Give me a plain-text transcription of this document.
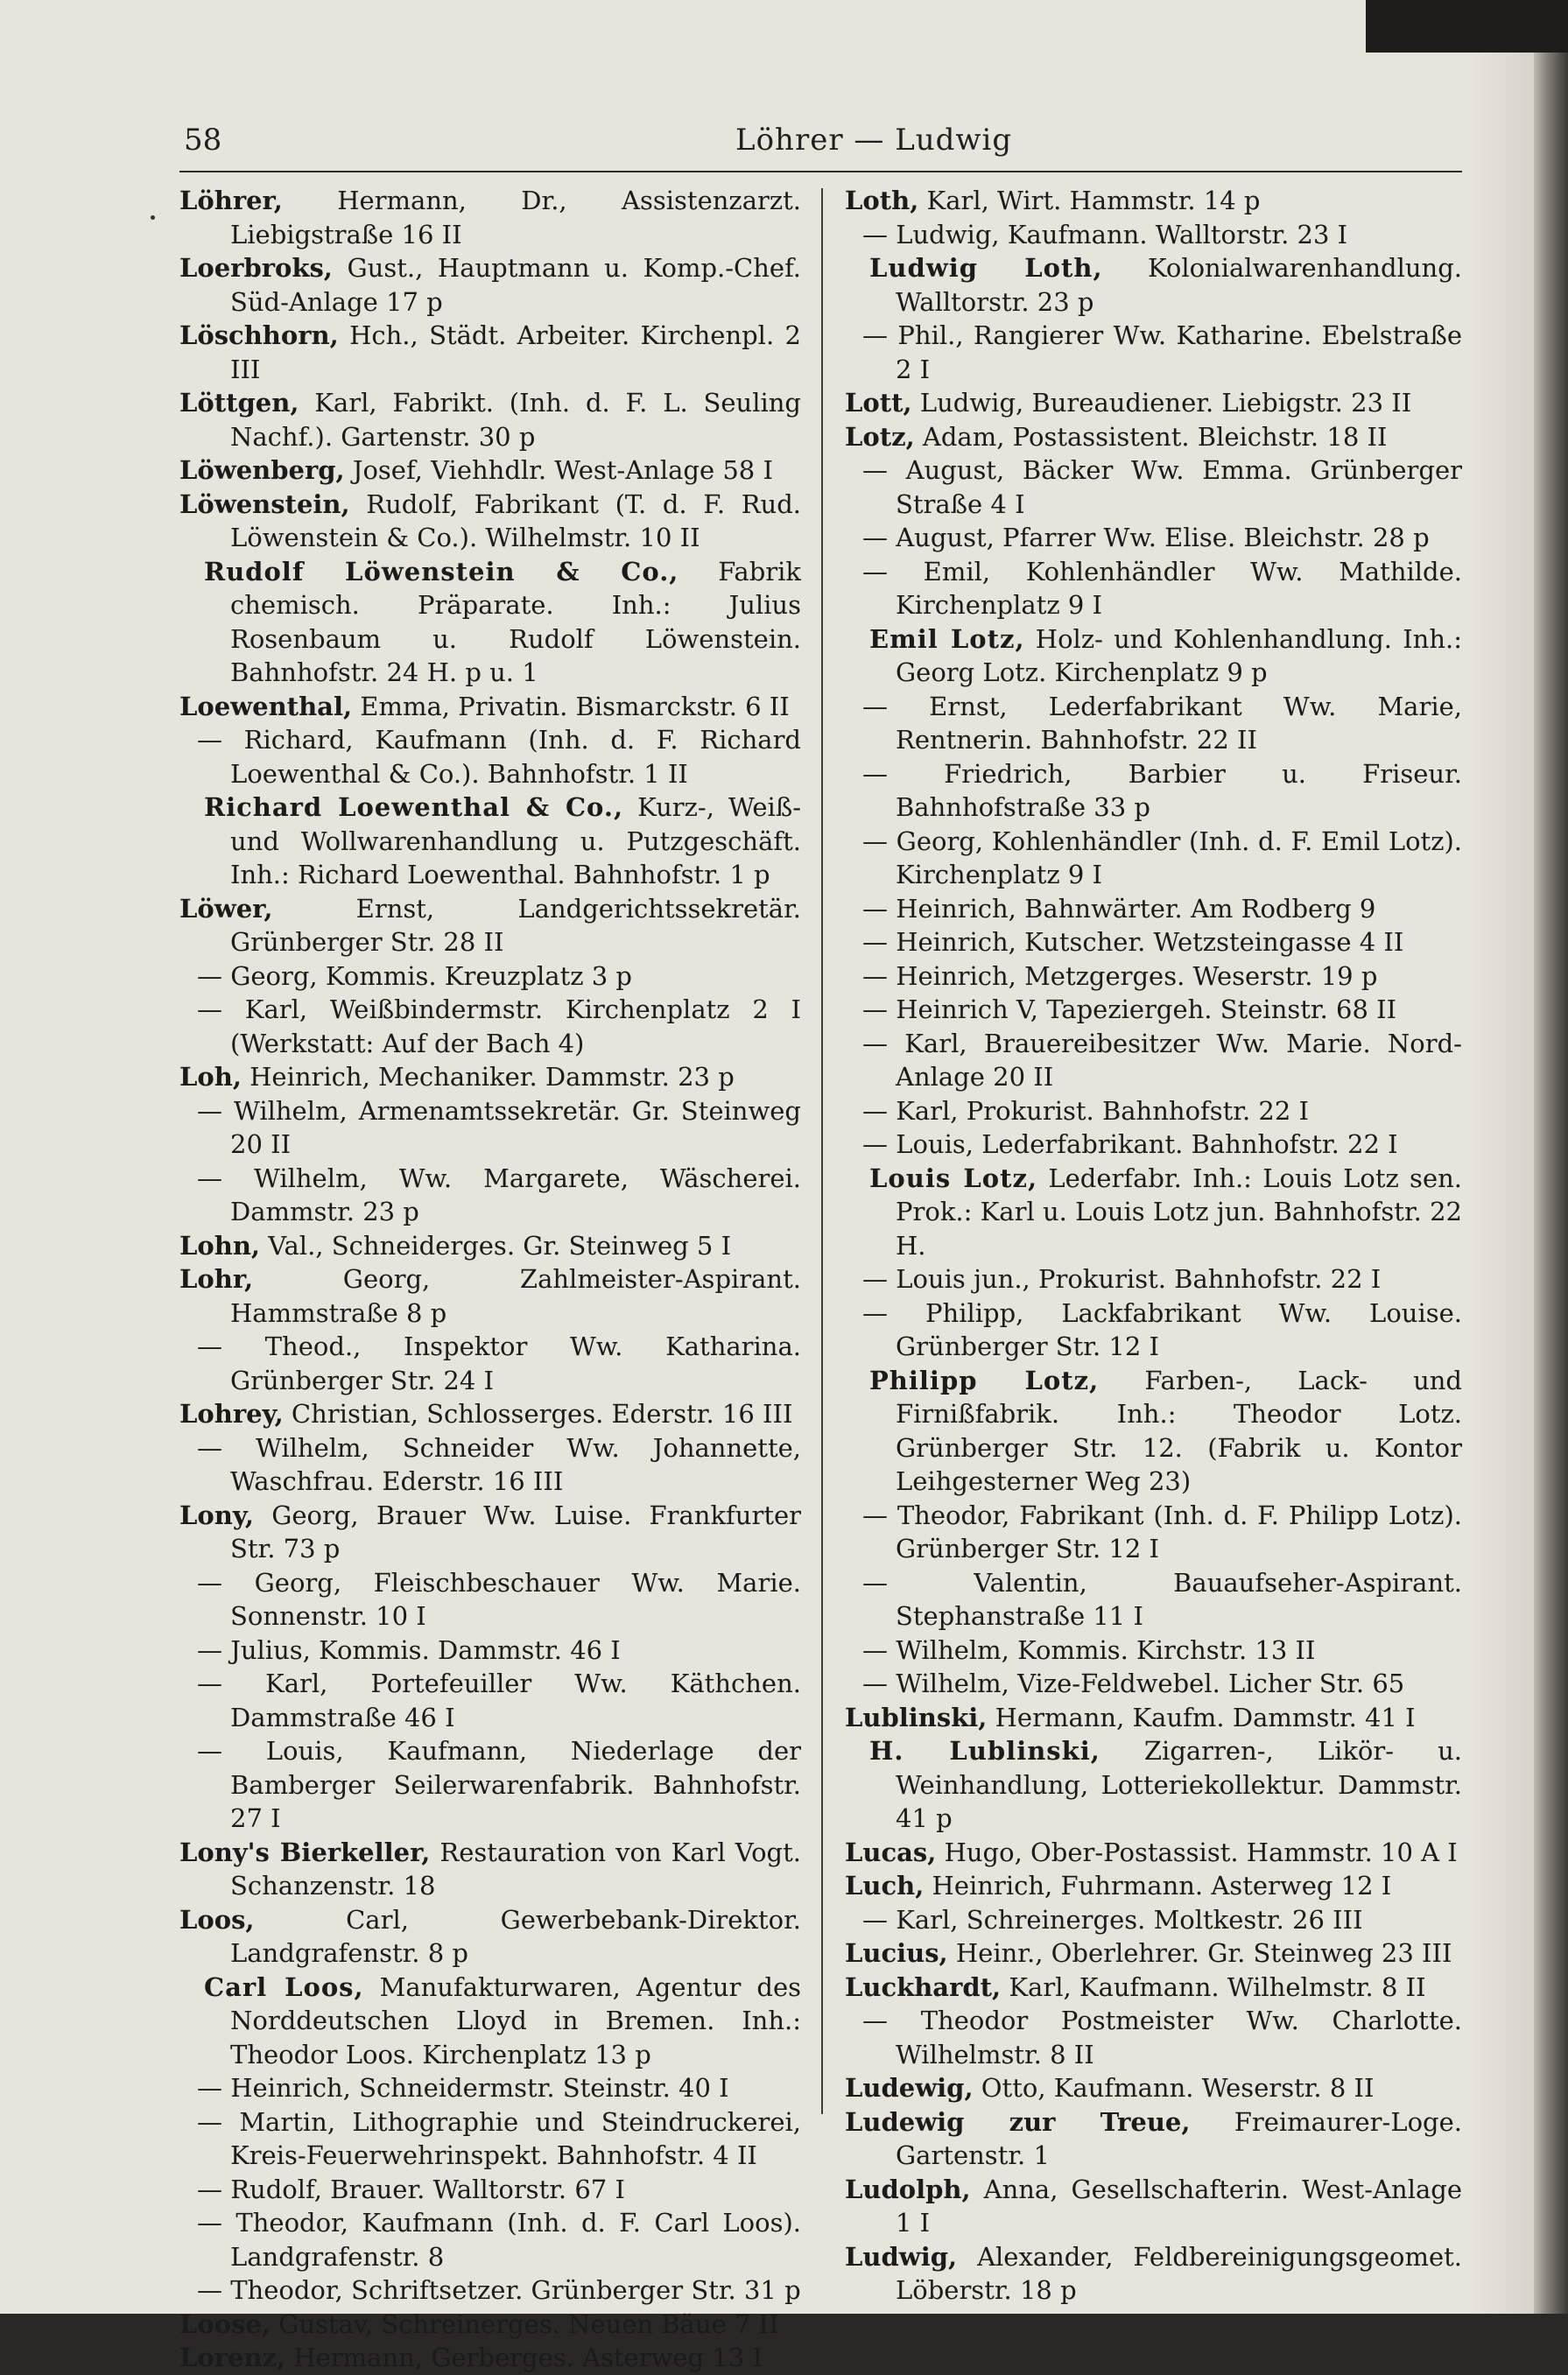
58	Löhrer — Ludwig
Löhrer, Hermann, Dr., Assistenzarzt. Liebigstraße 16 II
Loerbroks, Gust., Hauptmann u. Komp.-Chef. Süd-Anlage 17 p
Löschhorn, Hch., Städt. Arbeiter. Kirchenpl. 2 III
Löttgen, Karl, Fabrikt. (Inh. d. F. L. Seuling Nachf.). Gartenstr. 30 p
Löwenberg, Josef, Viehhdlr. West-Anlage 58 I
Löwenstein, Rudolf, Fabrikant (T. d. F. Rud. Löwenstein & Co.). Wilhelmstr. 10 II
Rudolf Löwenstein & Co., Fabrik chemisch. Präparate. Inh.: Julius Rosenbaum u. Rudolf Löwenstein. Bahnhofstr. 24 H. p u. 1
Loewenthal, Emma, Privatin. Bismarckstr. 6 II
— Richard, Kaufmann (Inh. d. F. Richard Loewenthal & Co.). Bahnhofstr. 1 II
Richard Loewenthal & Co., Kurz-, Weiß- und Wollwarenhandlung u. Putzgeschäft. Inh.: Richard Loewenthal. Bahnhofstr. 1 p
Löwer, Ernst, Landgerichtssekretär. Grünberger Str. 28 II
— Georg, Kommis. Kreuzplatz 3 p
— Karl, Weißbindermstr. Kirchenplatz 2 I (Werkstatt: Auf der Bach 4)
Loh, Heinrich, Mechaniker. Dammstr. 23 p
— Wilhelm, Armenamtssekretär. Gr. Steinweg 20 II
— Wilhelm, Ww. Margarete, Wäscherei. Dammstr. 23 p
Lohn, Val., Schneiderges. Gr. Steinweg 5 I
Lohr, Georg, Zahlmeister-Aspirant. Hammstraße 8 p
— Theod., Inspektor Ww. Katharina. Grünberger Str. 24 I
Lohrey, Christian, Schlosserges. Ederstr. 16 III
— Wilhelm, Schneider Ww. Johannette, Waschfrau. Ederstr. 16 III
Lony, Georg, Brauer Ww. Luise. Frankfurter Str. 73 p
— Georg, Fleischbeschauer Ww. Marie. Sonnenstr. 10 I
— Julius, Kommis. Dammstr. 46 I
— Karl, Portefeuiller Ww. Käthchen. Dammstraße 46 I
— Louis, Kaufmann, Niederlage der Bamberger Seilerwarenfabrik. Bahnhofstr. 27 I
Lony's Bierkeller, Restauration von Karl Vogt. Schanzenstr. 18
Loos, Carl, Gewerbebank-Direktor. Landgrafenstr. 8 p
Carl Loos, Manufakturwaren, Agentur des Norddeutschen Lloyd in Bremen. Inh.: Theodor Loos. Kirchenplatz 13 p
— Heinrich, Schneidermstr. Steinstr. 40 I
— Martin, Lithographie und Steindruckerei, Kreis-Feuerwehrinspekt. Bahnhofstr. 4 II
— Rudolf, Brauer. Walltorstr. 67 I
— Theodor, Kaufmann (Inh. d. F. Carl Loos). Landgrafenstr. 8
— Theodor, Schriftsetzer. Grünberger Str. 31 p
Loose, Gustav, Schreinerges. Neuen Bäue 7 II
Lorenz, Hermann, Gerberges. Asterweg 13 I
Loth, Karl, Wirt. Hammstr. 14 p
— Ludwig, Kaufmann. Walltorstr. 23 I
Ludwig Loth, Kolonialwarenhandlung. Walltorstr. 23 p
— Phil., Rangierer Ww. Katharine. Ebelstraße 2 I
Lott, Ludwig, Bureaudiener. Liebigstr. 23 II
Lotz, Adam, Postassistent. Bleichstr. 18 II
— August, Bäcker Ww. Emma. Grünberger Straße 4 I
— August, Pfarrer Ww. Elise. Bleichstr. 28 p
— Emil, Kohlenhändler Ww. Mathilde. Kirchenplatz 9 I
Emil Lotz, Holz- und Kohlenhandlung. Inh.: Georg Lotz. Kirchenplatz 9 p
— Ernst, Lederfabrikant Ww. Marie, Rentnerin. Bahnhofstr. 22 II
— Friedrich, Barbier u. Friseur. Bahnhofstraße 33 p
— Georg, Kohlenhändler (Inh. d. F. Emil Lotz). Kirchenplatz 9 I
— Heinrich, Bahnwärter. Am Rodberg 9
— Heinrich, Kutscher. Wetzsteingasse 4 II
— Heinrich, Metzgerges. Weserstr. 19 p
— Heinrich V, Tapeziergeh. Steinstr. 68 II
— Karl, Brauereibesitzer Ww. Marie. Nord-Anlage 20 II
— Karl, Prokurist. Bahnhofstr. 22 I
— Louis, Lederfabrikant. Bahnhofstr. 22 I
Louis Lotz, Lederfabr. Inh.: Louis Lotz sen. Prok.: Karl u. Louis Lotz jun. Bahnhofstr. 22 H.
— Louis jun., Prokurist. Bahnhofstr. 22 I
— Philipp, Lackfabrikant Ww. Louise. Grünberger Str. 12 I
Philipp Lotz, Farben-, Lack- und Firnißfabrik. Inh.: Theodor Lotz. Grünberger Str. 12. (Fabrik u. Kontor Leihgesterner Weg 23)
— Theodor, Fabrikant (Inh. d. F. Philipp Lotz). Grünberger Str. 12 I
— Valentin, Bauaufseher-Aspirant. Stephanstraße 11 I
— Wilhelm, Kommis. Kirchstr. 13 II
— Wilhelm, Vize-Feldwebel. Licher Str. 65
Lublinski, Hermann, Kaufm. Dammstr. 41 I
H. Lublinski, Zigarren-, Likör- u. Weinhandlung, Lotteriekollektur. Dammstr. 41 p
Lucas, Hugo, Ober-Postassist. Hammstr. 10 A I
Luch, Heinrich, Fuhrmann. Asterweg 12 I
— Karl, Schreinerges. Moltkestr. 26 III
Lucius, Heinr., Oberlehrer. Gr. Steinweg 23 III
Luckhardt, Karl, Kaufmann. Wilhelmstr. 8 II
— Theodor Postmeister Ww. Charlotte. Wilhelmstr. 8 II
Ludewig, Otto, Kaufmann. Weserstr. 8 II
Ludewig zur Treue, Freimaurer-Loge. Gartenstr. 1
Ludolph, Anna, Gesellschafterin. West-Anlage 1 I
Ludwig, Alexander, Feldbereinigungsgeomet. Löberstr. 18 p
